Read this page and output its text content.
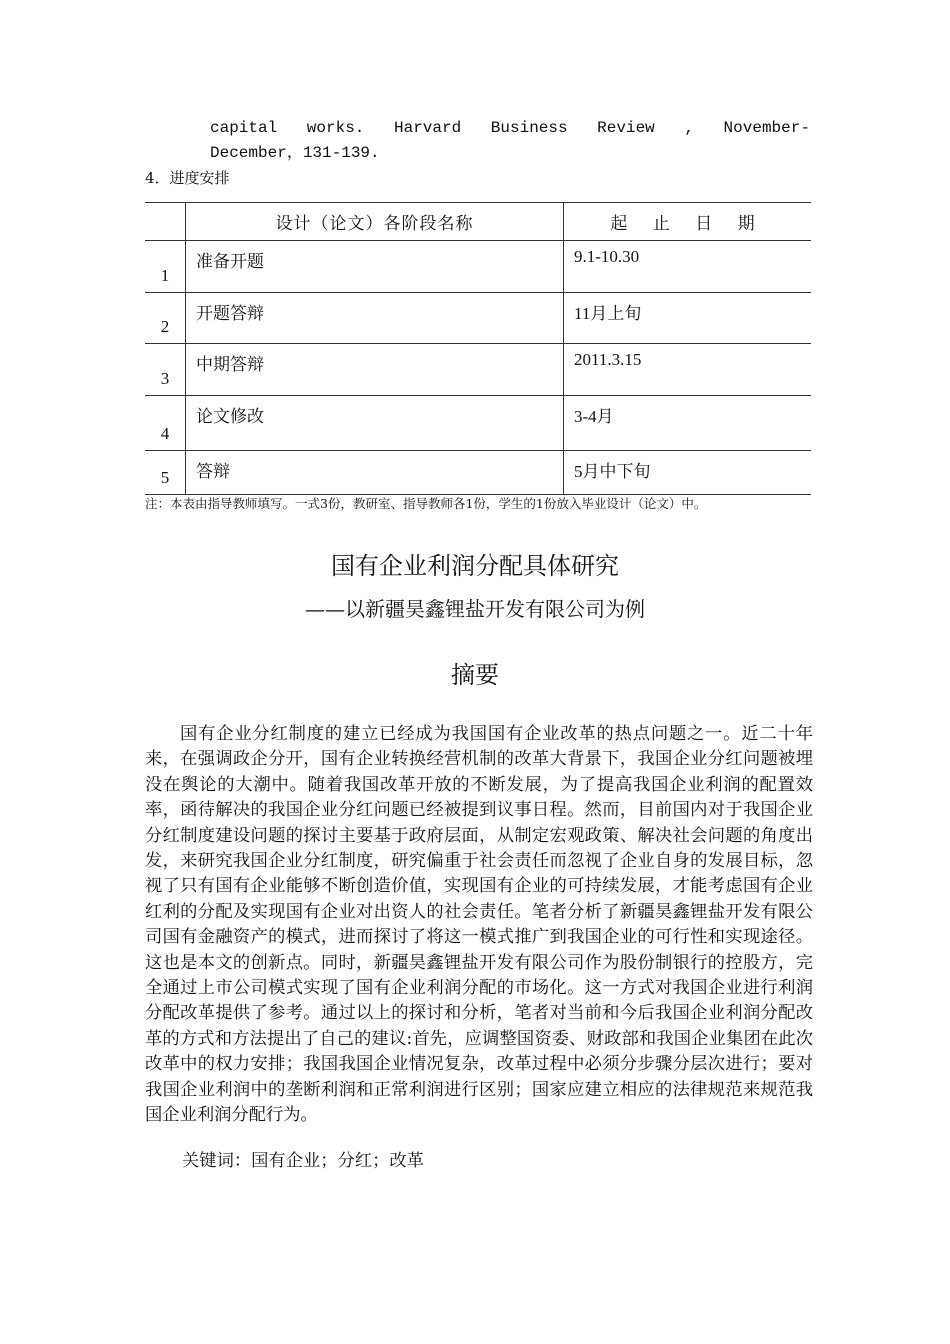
capital works. Harvard Business Review , November-
December，131-139.
4．进度安排
	设计（论文）各阶段名称	起 止 日 期
1	准备开题	9.1-10.30
2	开题答辩	11月上旬
3	中期答辩	2011.3.15
4	论文修改	3-4月
5	答辩	5月中下旬
注：本表由指导教师填写。一式3份，教研室、指导教师各1份，学生的1份放入毕业设计（论文）中。
国有企业利润分配具体研究
——以新疆昊鑫锂盐开发有限公司为例
摘要

国有企业分红制度的建立已经成为我国国有企业改革的热点问题之一。近二十年来，在强调政企分开，国有企业转换经营机制的改革大背景下，我国企业分红问题被埋没在舆论的大潮中。随着我国改革开放的不断发展，为了提高我国企业利润的配置效率，函待解决的我国企业分红问题已经被提到议事日程。然而，目前国内对于我国企业分红制度建设问题的探讨主要基于政府层面，从制定宏观政策、解决社会问题的角度出发，来研究我国企业分红制度，研究偏重于社会责任而忽视了企业自身的发展目标，忽视了只有国有企业能够不断创造价值，实现国有企业的可持续发展，才能考虑国有企业红利的分配及实现国有企业对出资人的社会责任。笔者分析了新疆昊鑫锂盐开发有限公司国有金融资产的模式，进而探讨了将这一模式推广到我国企业的可行性和实现途径。这也是本文的创新点。同时，新疆昊鑫锂盐开发有限公司作为股份制银行的控股方，完全通过上市公司模式实现了国有企业利润分配的市场化。这一方式对我国企业进行利润分配改革提供了参考。通过以上的探讨和分析，笔者对当前和今后我国企业利润分配改革的方式和方法提出了自己的建议:首先，应调整国资委、财政部和我国企业集团在此次改革中的权力安排；我国我国企业情况复杂，改革过程中必须分步骤分层次进行；要对我国企业利润中的垄断利润和正常利润进行区别；国家应建立相应的法律规范来规范我国企业利润分配行为。

关键词：国有企业；分红；改革
